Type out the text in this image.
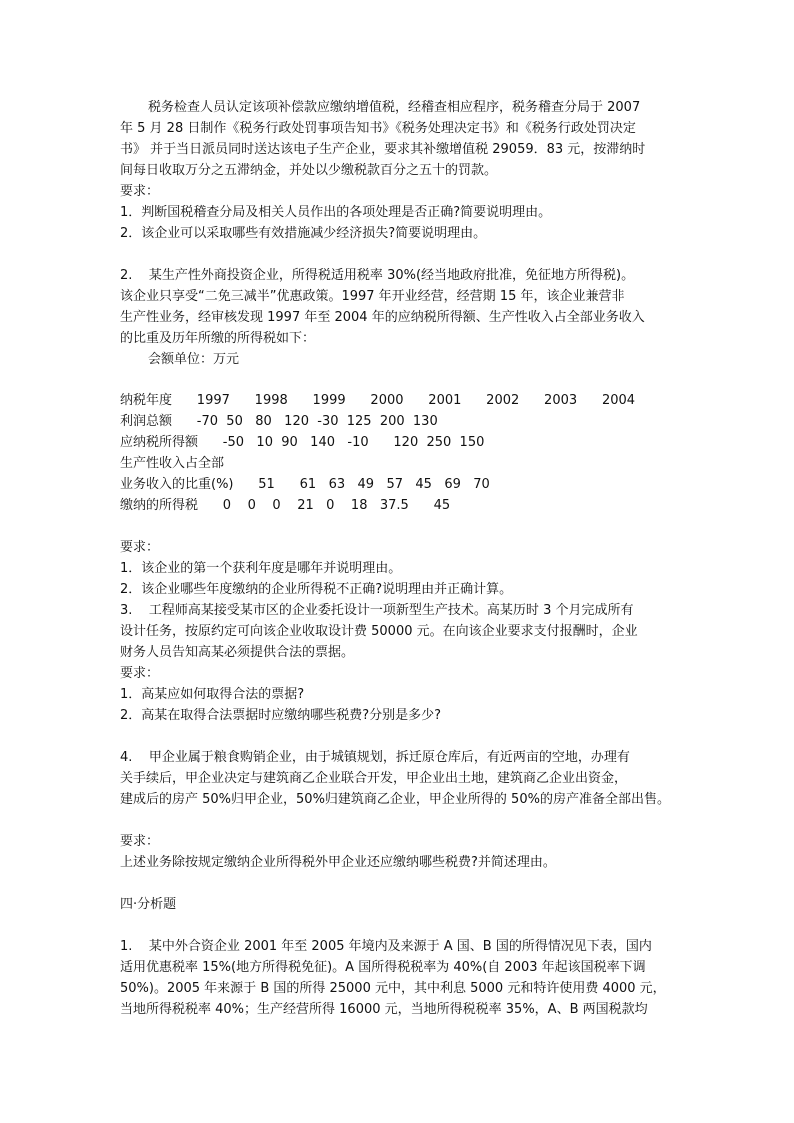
税务检查人员认定该项补偿款应缴纳增值税，经稽查相应程序，税务稽查分局于 2007
年 5 月 28 日制作《税务行政处罚事项告知书》《税务处理决定书》和《税务行政处罚决定
书》 并于当日派员同时送达该电子生产企业，要求其补缴增值税 29059．83 元，按滞纳时
间每日收取万分之五滞纳金，并处以少缴税款百分之五十的罚款。
要求：
1．判断国税稽查分局及相关人员作出的各项处理是否正确?简要说明理由。
2．该企业可以采取哪些有效措施减少经济损失?简要说明理由。
2.    某生产性外商投资企业，所得税适用税率 30%(经当地政府批准，免征地方所得税)。
该企业只享受“二免三减半”优惠政策。1997 年开业经营，经营期 15 年，该企业兼营非
生产性业务，经审核发现 1997 年至 2004 年的应纳税所得额、生产性收入占全部业务收入
的比重及历年所缴的所得税如下：
会额单位：万元
纳税年度      1997      1998      1999      2000      2001      2002      2003      2004
利润总额      -70  50   80   120  -30  125  200  130
应纳税所得额      -50   10  90   140   -10      120  250  150
生产性收入占全部
业务收入的比重(%)      51      61   63   49   57   45   69   70
缴纳的所得税      0    0    0    21   0    18   37.5      45
要求：
1．该企业的第一个获利年度是哪年并说明理由。
2．该企业哪些年度缴纳的企业所得税不正确?说明理由并正确计算。
3.    工程师高某接受某市区的企业委托设计一项新型生产技术。高某历时 3 个月完成所有
设计任务，按原约定可向该企业收取设计费 50000 元。在向该企业要求支付报酬时，企业
财务人员告知高某必须提供合法的票据。
要求：
1．高某应如何取得合法的票据?
2．高某在取得合法票据时应缴纳哪些税费?分别是多少?
4.    甲企业属于粮食购销企业，由于城镇规划，拆迁原仓库后，有近两亩的空地，办理有
关手续后，甲企业决定与建筑商乙企业联合开发，甲企业出土地，建筑商乙企业出资金，
建成后的房产 50%归甲企业，50%归建筑商乙企业，甲企业所得的 50%的房产准备全部出售。
要求：
上述业务除按规定缴纳企业所得税外甲企业还应缴纳哪些税费?并简述理由。
四·分析题
1.    某中外合资企业 2001 年至 2005 年境内及来源于 A 国、B 国的所得情况见下表，国内
适用优惠税率 15%(地方所得税免征)。A 国所得税税率为 40%(自 2003 年起该国税率下调
50%)。2005 年来源于 B 国的所得 25000 元中，其中利息 5000 元和特许使用费 4000 元，
当地所得税税率 40%；生产经营所得 16000 元，当地所得税税率 35%，A、B 两国税款均
